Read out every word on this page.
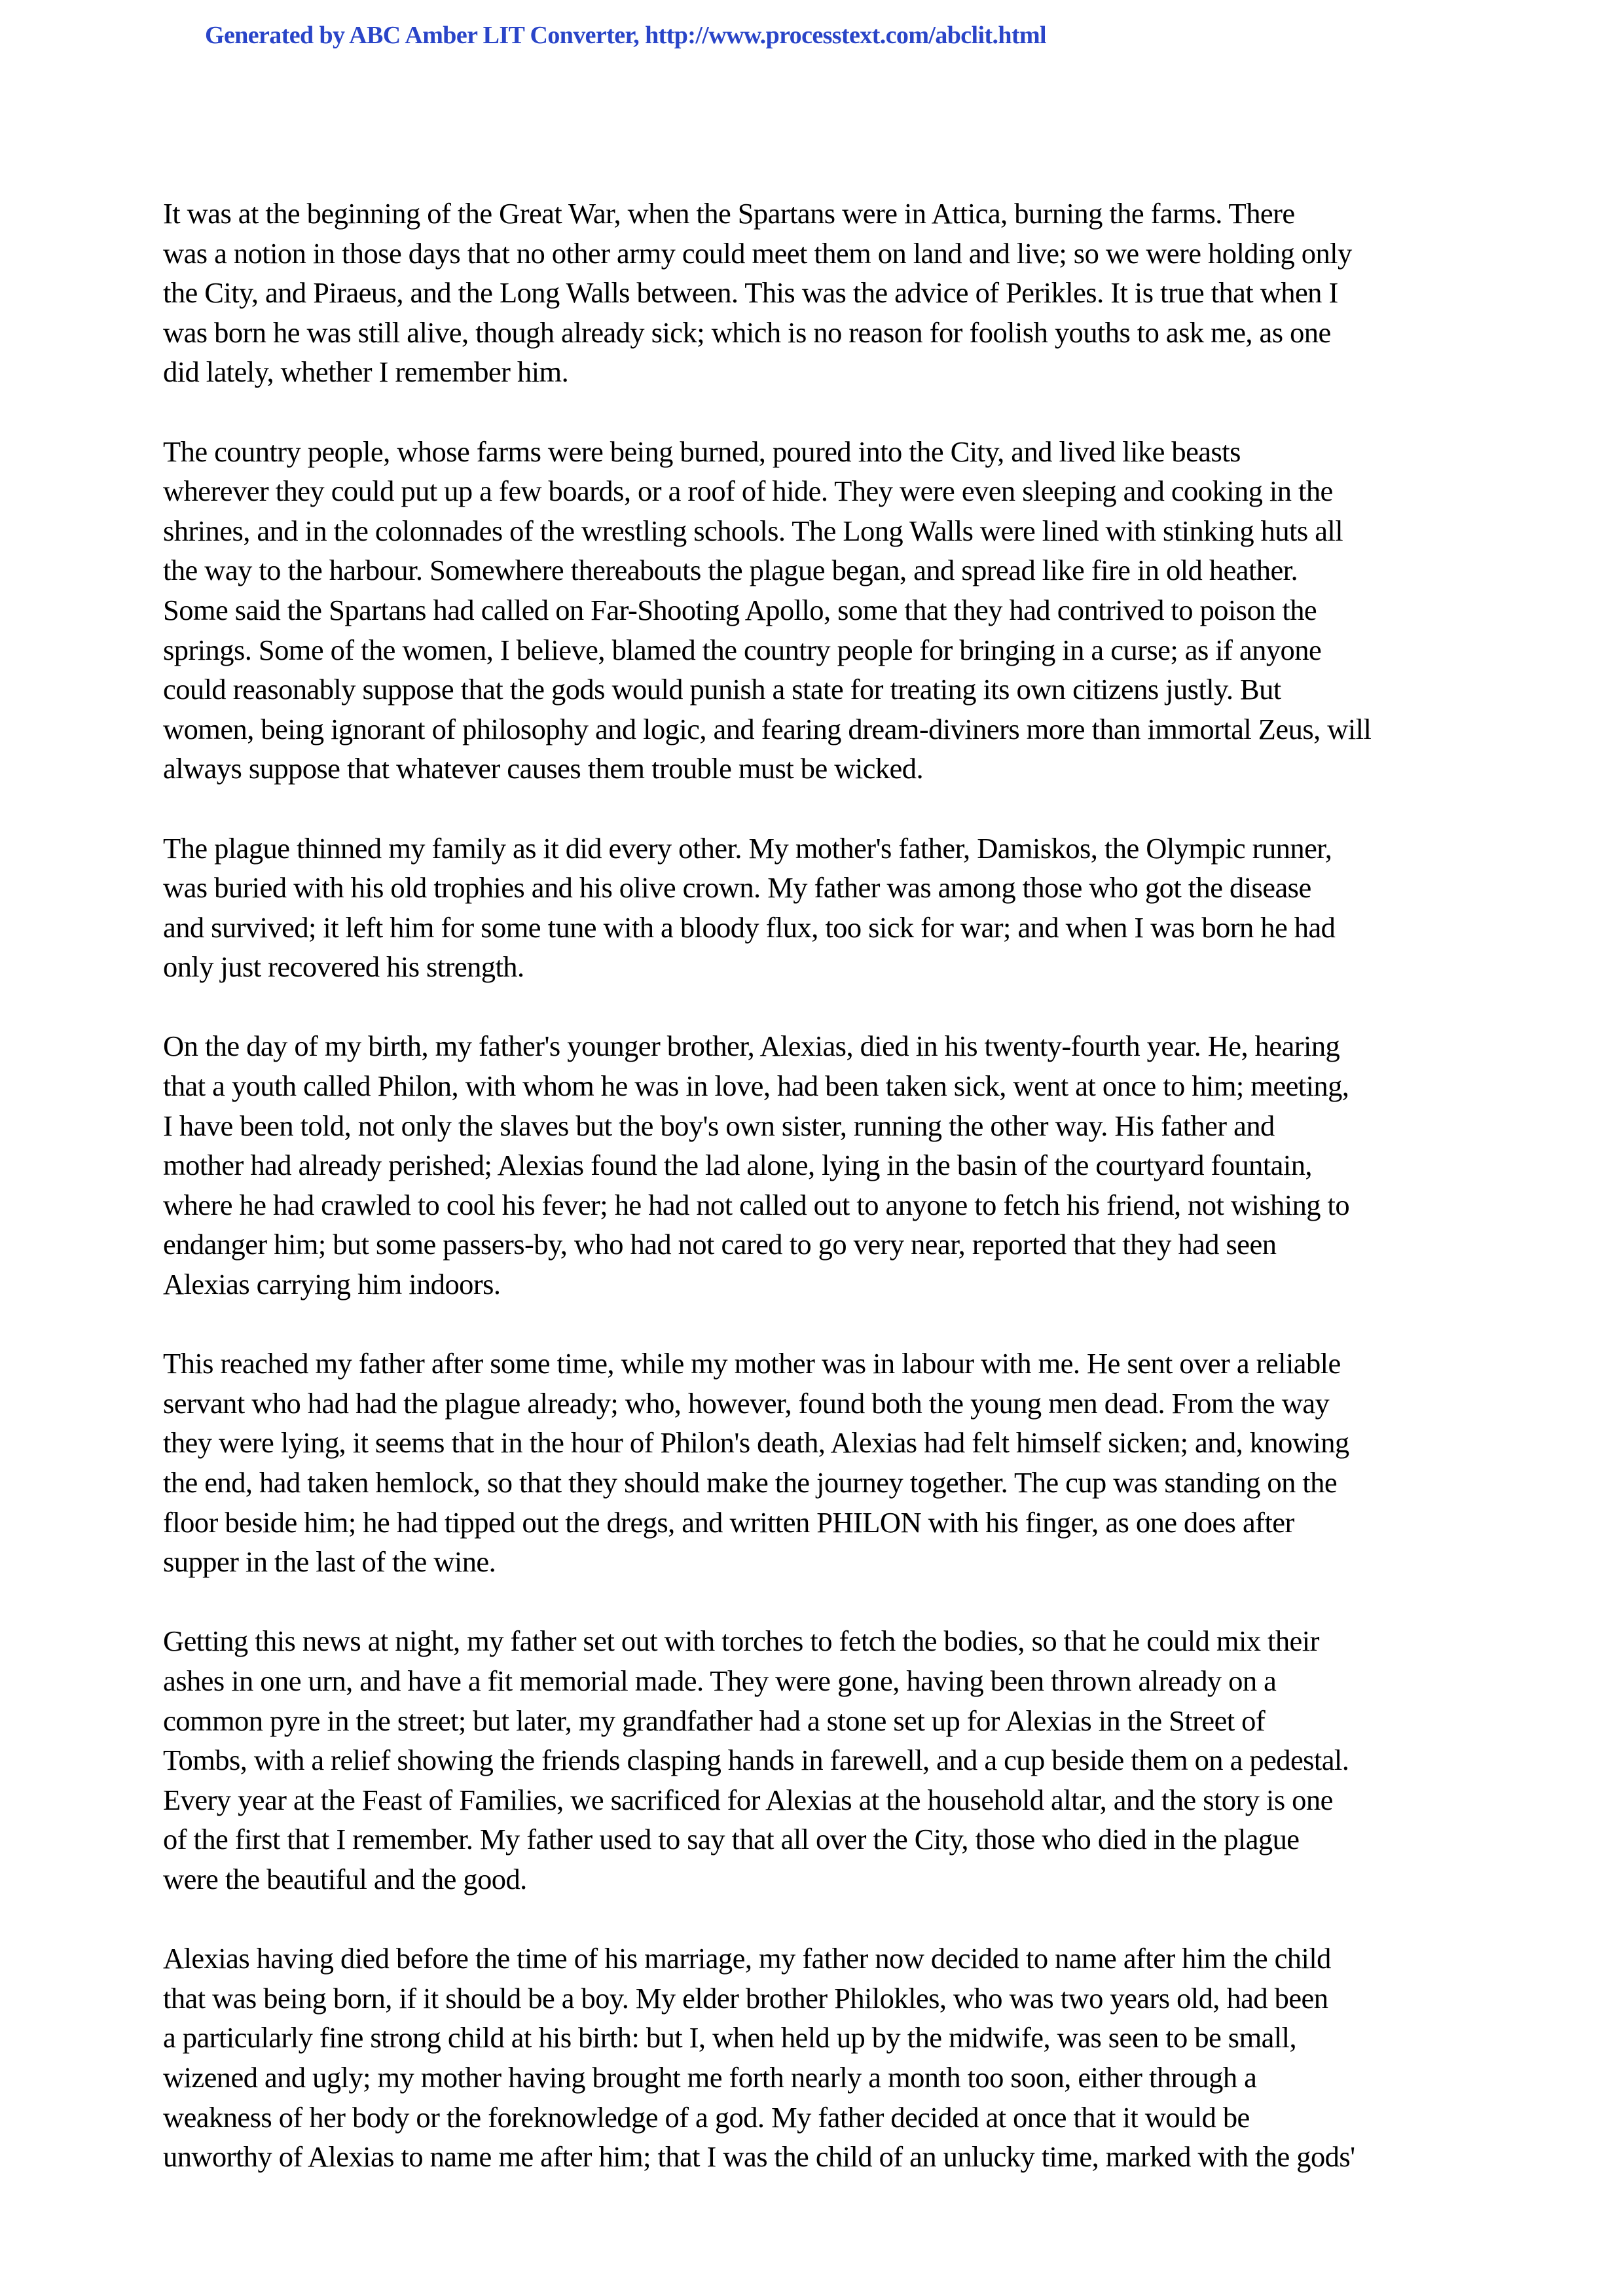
Generated by ABC Amber LIT Converter, http://www.processtext.com/abclit.html

It was at the beginning of the Great War, when the Spartans were in Attica, burning the farms. There
was a notion in those days that no other army could meet them on land and live; so we were holding only
the City, and Piraeus, and the Long Walls between. This was the advice of Perikles. It is true that when I
was born he was still alive, though already sick; which is no reason for foolish youths to ask me, as one
did lately, whether I remember him.

The country people, whose farms were being burned, poured into the City, and lived like beasts
wherever they could put up a few boards, or a roof of hide. They were even sleeping and cooking in the
shrines, and in the colonnades of the wrestling schools. The Long Walls were lined with stinking huts all
the way to the harbour. Somewhere thereabouts the plague began, and spread like fire in old heather.
Some said the Spartans had called on Far-Shooting Apollo, some that they had contrived to poison the
springs. Some of the women, I believe, blamed the country people for bringing in a curse; as if anyone
could reasonably suppose that the gods would punish a state for treating its own citizens justly. But
women, being ignorant of philosophy and logic, and fearing dream-diviners more than immortal Zeus, will
always suppose that whatever causes them trouble must be wicked.

The plague thinned my family as it did every other. My mother's father, Damiskos, the Olympic runner,
was buried with his old trophies and his olive crown. My father was among those who got the disease
and survived; it left him for some tune with a bloody flux, too sick for war; and when I was born he had
only just recovered his strength.

On the day of my birth, my father's younger brother, Alexias, died in his twenty-fourth year. He, hearing
that a youth called Philon, with whom he was in love, had been taken sick, went at once to him; meeting,
I have been told, not only the slaves but the boy's own sister, running the other way. His father and
mother had already perished; Alexias found the lad alone, lying in the basin of the courtyard fountain,
where he had crawled to cool his fever; he had not called out to anyone to fetch his friend, not wishing to
endanger him; but some passers-by, who had not cared to go very near, reported that they had seen
Alexias carrying him indoors.

This reached my father after some time, while my mother was in labour with me. He sent over a reliable
servant who had had the plague already; who, however, found both the young men dead. From the way
they were lying, it seems that in the hour of Philon's death, Alexias had felt himself sicken; and, knowing
the end, had taken hemlock, so that they should make the journey together. The cup was standing on the
floor beside him; he had tipped out the dregs, and written PHILON with his finger, as one does after
supper in the last of the wine.

Getting this news at night, my father set out with torches to fetch the bodies, so that he could mix their
ashes in one urn, and have a fit memorial made. They were gone, having been thrown already on a
common pyre in the street; but later, my grandfather had a stone set up for Alexias in the Street of
Tombs, with a relief showing the friends clasping hands in farewell, and a cup beside them on a pedestal.
Every year at the Feast of Families, we sacrificed for Alexias at the household altar, and the story is one
of the first that I remember. My father used to say that all over the City, those who died in the plague
were the beautiful and the good.

Alexias having died before the time of his marriage, my father now decided to name after him the child
that was being born, if it should be a boy. My elder brother Philokles, who was two years old, had been
a particularly fine strong child at his birth: but I, when held up by the midwife, was seen to be small,
wizened and ugly; my mother having brought me forth nearly a month too soon, either through a
weakness of her body or the foreknowledge of a god. My father decided at once that it would be
unworthy of Alexias to name me after him; that I was the child of an unlucky time, marked with the gods'
